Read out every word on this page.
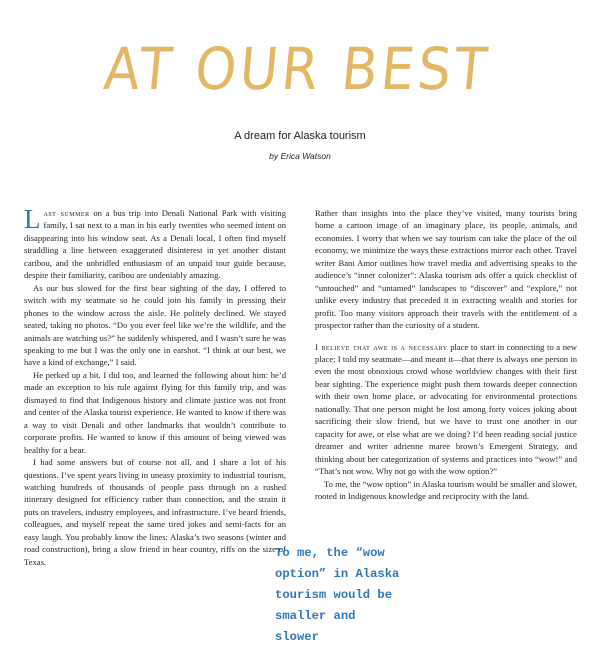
AT OUR BEST

A dream for Alaska tourism

by Erica Watson

Last summer on a bus trip into Denali National Park with visiting family, I sat next to a man in his early twenties who seemed intent on disappearing into his window seat. As a Denali local, I often find myself straddling a line between exaggerated disinterest in yet another distant caribou, and the unbridled enthusiasm of an unpaid tour guide because, despite their familiarity, caribou are undeniably amazing.

As our bus slowed for the first bear sighting of the day, I offered to switch with my seatmate so he could join his family in pressing their phones to the window across the aisle. He politely declined. We stayed seated, taking no photos. “Do you ever feel like we’re the wildlife, and the animals are watching us?” he suddenly whispered, and I wasn’t sure he was speaking to me but I was the only one in earshot. “I think at our best, we have a kind of exchange,” I said.

He perked up a bit. I did too, and learned the following about him: he’d made an exception to his rule against flying for this family trip, and was dismayed to find that Indigenous history and climate justice was not front and center of the Alaska tourist experience. He wanted to know if there was a way to visit Denali and other landmarks that wouldn’t contribute to corporate profits. He wanted to know if this amount of being viewed was healthy for a bear.

I had some answers but of course not all, and I share a lot of his questions. I’ve spent years living in uneasy proximity to industrial tourism, watching hundreds of thousands of people pass through on a rushed itinerary designed for efficiency rather than connection, and the strain it puts on travelers, industry employees, and infrastructure. I’ve heard friends, colleagues, and myself repeat the same tired jokes and semi-facts for an easy laugh. You probably know the lines: Alaska’s two seasons (winter and road construction), bring a slow friend in bear country, riffs on the size of Texas.

Rather than insights into the place they’ve visited, many tourists bring home a cartoon image of an imaginary place, its people, animals, and economies. I worry that when we say tourism can take the place of the oil economy, we minimize the ways these extractions mirror each other. Travel writer Bani Amor outlines how travel media and advertising speaks to the audience’s “inner colonizer”: Alaska tourism ads offer a quick checklist of “untouched” and “untamed” landscapes to “discover” and “explore,” not unlike every industry that preceded it in extracting wealth and stories for profit. Too many visitors approach their travels with the entitlement of a prospector rather than the curiosity of a student.

To me, the “wow option” in Alaska tourism would be smaller and slower
I believe that awe is a necessary place to start in connecting to a new place; I told my seatmate—and meant it—that there is always one person in even the most obnoxious crowd whose worldview changes with their first bear sighting. The experience might push them towards deeper connection with their own home place, or advocating for environmental protections nationally. That one person might be lost among forty voices joking about sacrificing their slow friend, but we have to trust one another in our capacity for awe, or else what are we doing? I’d been reading social justice dreamer and writer adrienne maree brown’s Emergent Strategy, and thinking about her categorization of systems and practices into “wow!” and “That’s not wow. Why not go with the wow option?”

To me, the “wow option” in Alaska tourism would be smaller and slower, rooted in Indigenous knowledge and reciprocity with the land.
